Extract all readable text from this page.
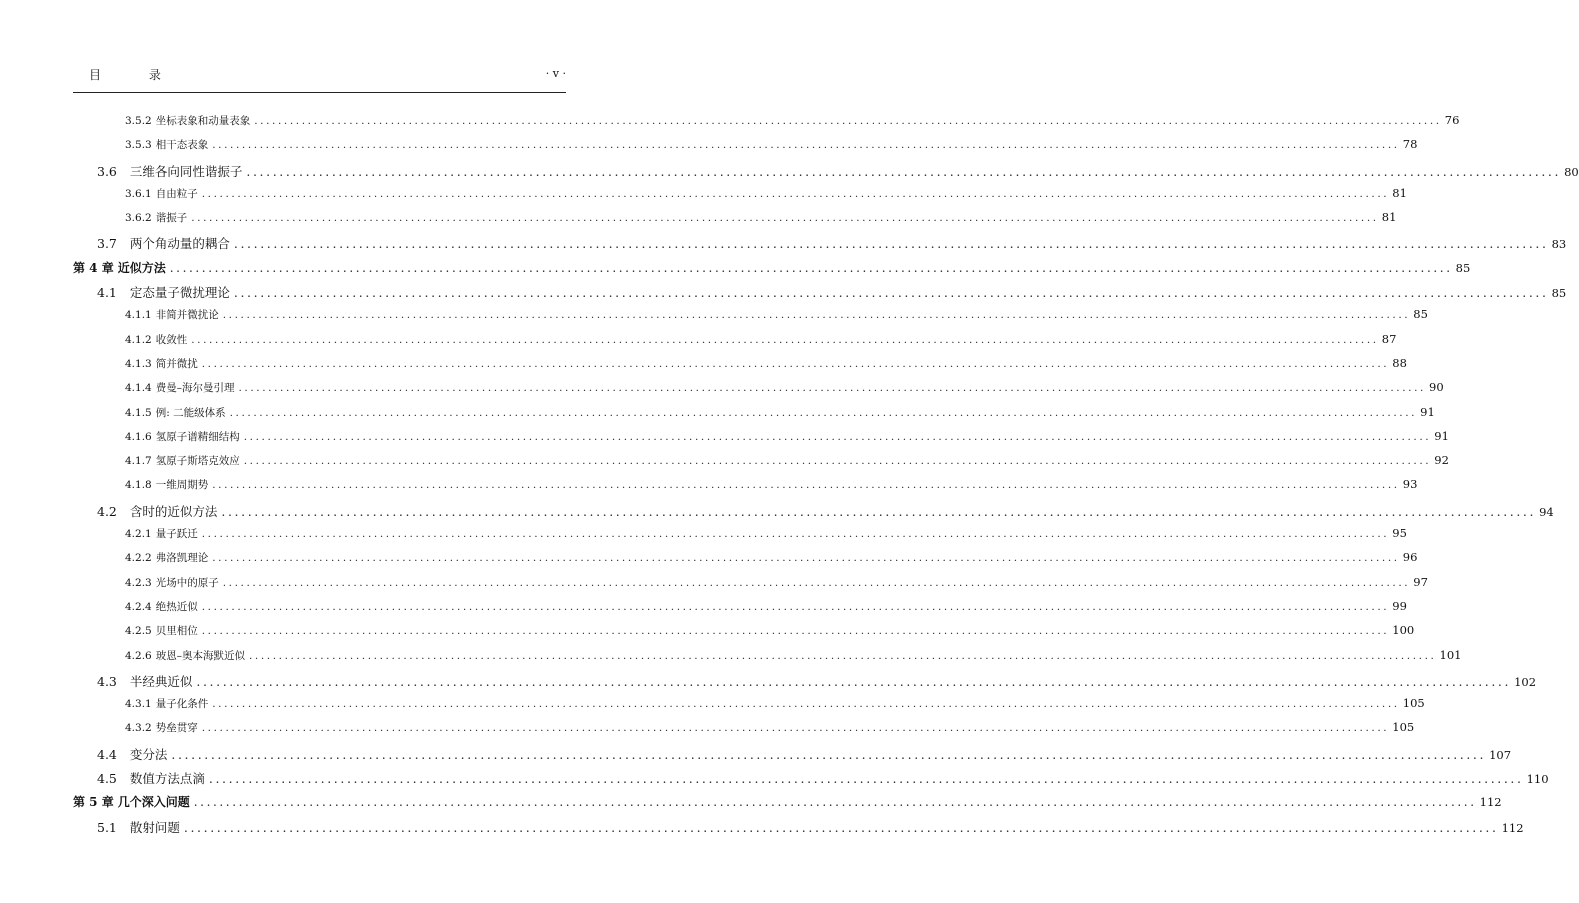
目 录	· v ·
3.5.2 坐标表象和动量表象 ........................................................................................................................................................................................................ 76
3.5.3 相干态表象 ........................................................................................................................................................................................................ 78
3.6	三维各向同性谐振子 ........................................................................................................................................................................................................ 80
3.6.1 自由粒子 ........................................................................................................................................................................................................ 81
3.6.2 谐振子 ........................................................................................................................................................................................................ 81
3.7	两个角动量的耦合 ........................................................................................................................................................................................................ 83
第 4 章 近似方法 ........................................................................................................................................................................................................ 85
4.1	定态量子微扰理论 ........................................................................................................................................................................................................ 85
4.1.1 非简并微扰论 ........................................................................................................................................................................................................ 85
4.1.2 收敛性 ........................................................................................................................................................................................................ 87
4.1.3 简并微扰 ........................................................................................................................................................................................................ 88
4.1.4 费曼–海尔曼引理 ........................................................................................................................................................................................................ 90
4.1.5 例: 二能级体系 ........................................................................................................................................................................................................ 91
4.1.6 氢原子谱精细结构 ........................................................................................................................................................................................................ 91
4.1.7 氢原子斯塔克效应 ........................................................................................................................................................................................................ 92
4.1.8 一维周期势 ........................................................................................................................................................................................................ 93
4.2	含时的近似方法 ........................................................................................................................................................................................................ 94
4.2.1 量子跃迁 ........................................................................................................................................................................................................ 95
4.2.2 弗洛凯理论 ........................................................................................................................................................................................................ 96
4.2.3 光场中的原子 ........................................................................................................................................................................................................ 97
4.2.4 绝热近似 ........................................................................................................................................................................................................ 99
4.2.5 贝里相位 ........................................................................................................................................................................................................ 100
4.2.6 玻恩–奥本海默近似 ........................................................................................................................................................................................................ 101
4.3	半经典近似 ........................................................................................................................................................................................................ 102
4.3.1 量子化条件 ........................................................................................................................................................................................................ 105
4.3.2 势垒贯穿 ........................................................................................................................................................................................................ 105
4.4	变分法 ........................................................................................................................................................................................................ 107
4.5	数值方法点滴 ........................................................................................................................................................................................................ 110
第 5 章 几个深入问题 ........................................................................................................................................................................................................ 112
5.1	散射问题 ........................................................................................................................................................................................................ 112
